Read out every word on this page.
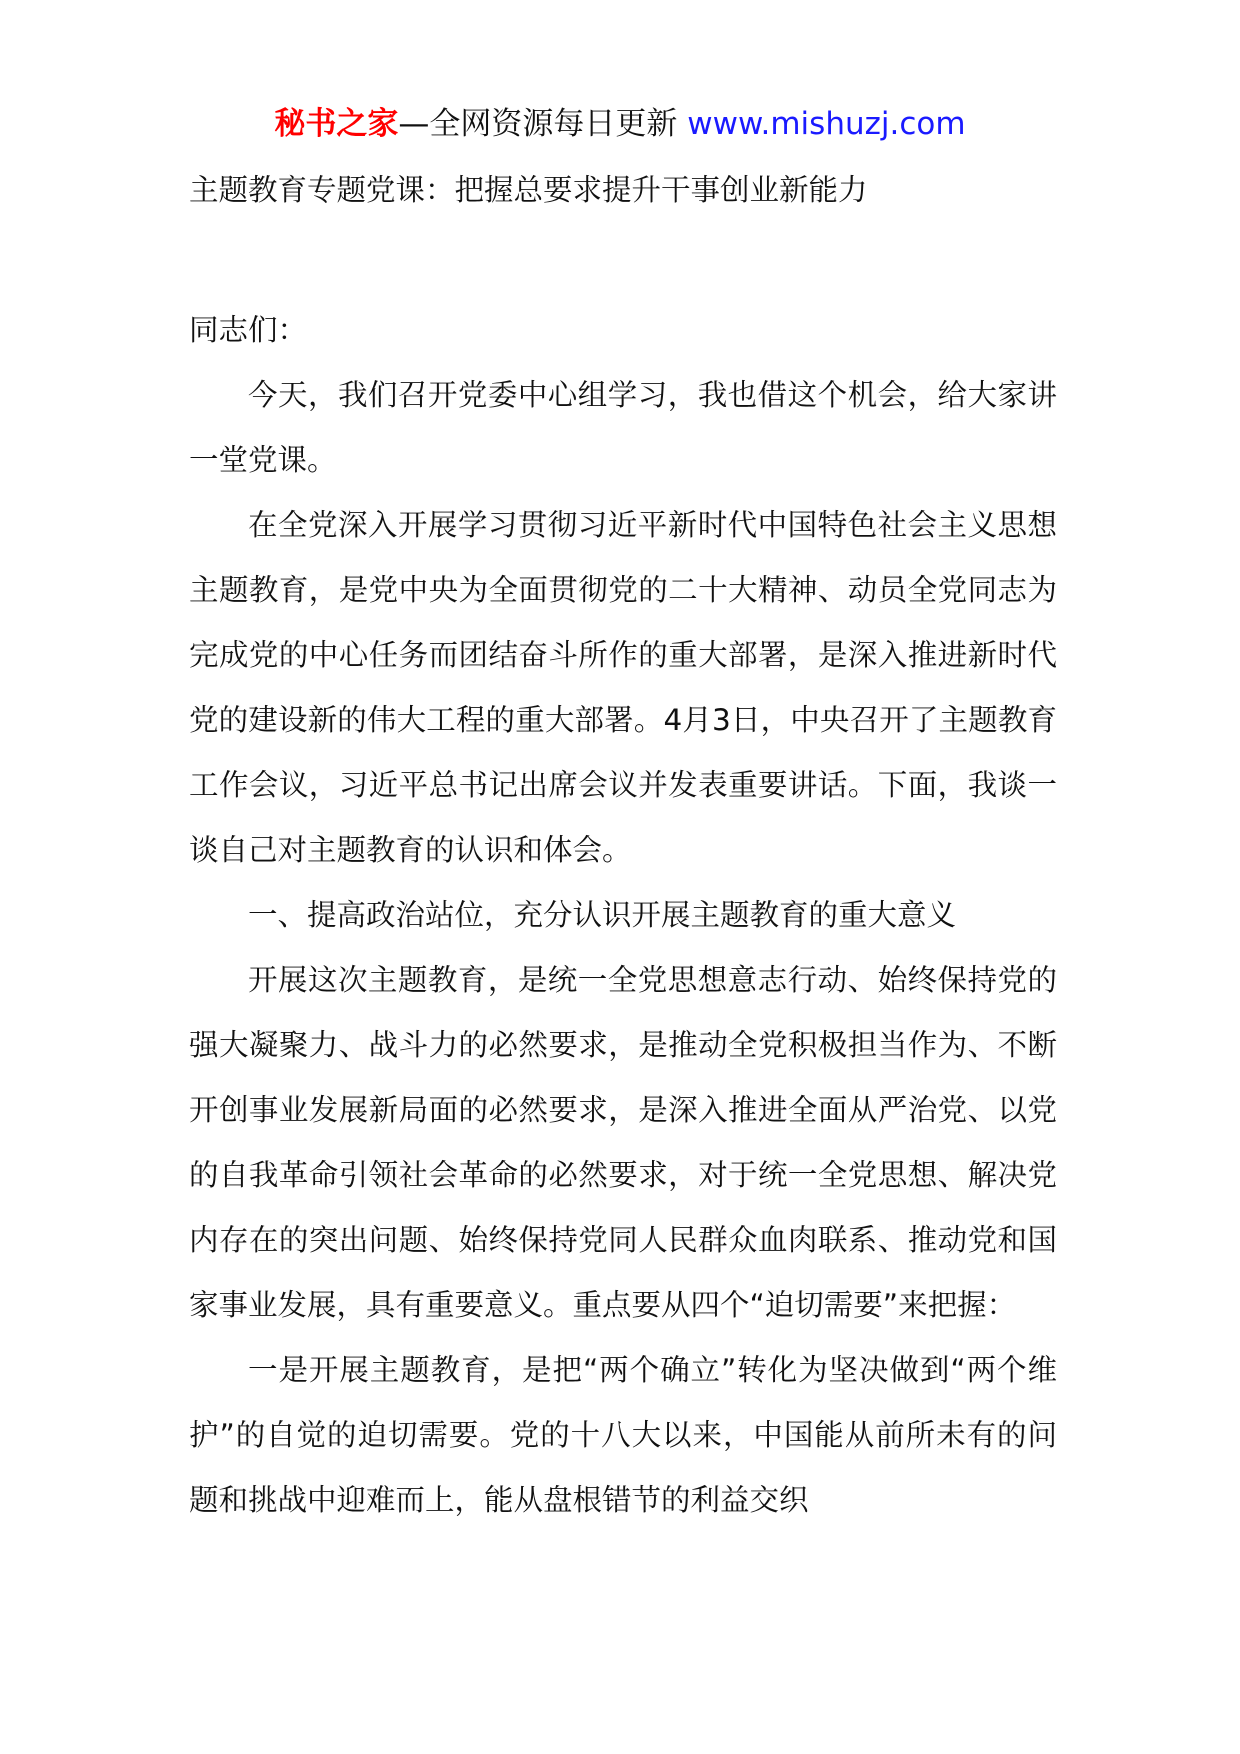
秘书之家—全网资源每日更新 www.mishuzj.com
主题教育专题党课：把握总要求提升干事创业新能力

同志们：

今天，我们召开党委中心组学习，我也借这个机会，给大家讲一堂党课。

在全党深入开展学习贯彻习近平新时代中国特色社会主义思想主题教育，是党中央为全面贯彻党的二十大精神、动员全党同志为完成党的中心任务而团结奋斗所作的重大部署，是深入推进新时代党的建设新的伟大工程的重大部署。4月3日，中央召开了主题教育工作会议，习近平总书记出席会议并发表重要讲话。下面，我谈一谈自己对主题教育的认识和体会。

一、提高政治站位，充分认识开展主题教育的重大意义

开展这次主题教育，是统一全党思想意志行动、始终保持党的强大凝聚力、战斗力的必然要求，是推动全党积极担当作为、不断开创事业发展新局面的必然要求，是深入推进全面从严治党、以党的自我革命引领社会革命的必然要求，对于统一全党思想、解决党内存在的突出问题、始终保持党同人民群众血肉联系、推动党和国家事业发展，具有重要意义。重点要从四个“迫切需要”来把握：

一是开展主题教育，是把“两个确立”转化为坚决做到“两个维护”的自觉的迫切需要。党的十八大以来，中国能从前所未有的问题和挑战中迎难而上，能从盘根错节的利益交织
